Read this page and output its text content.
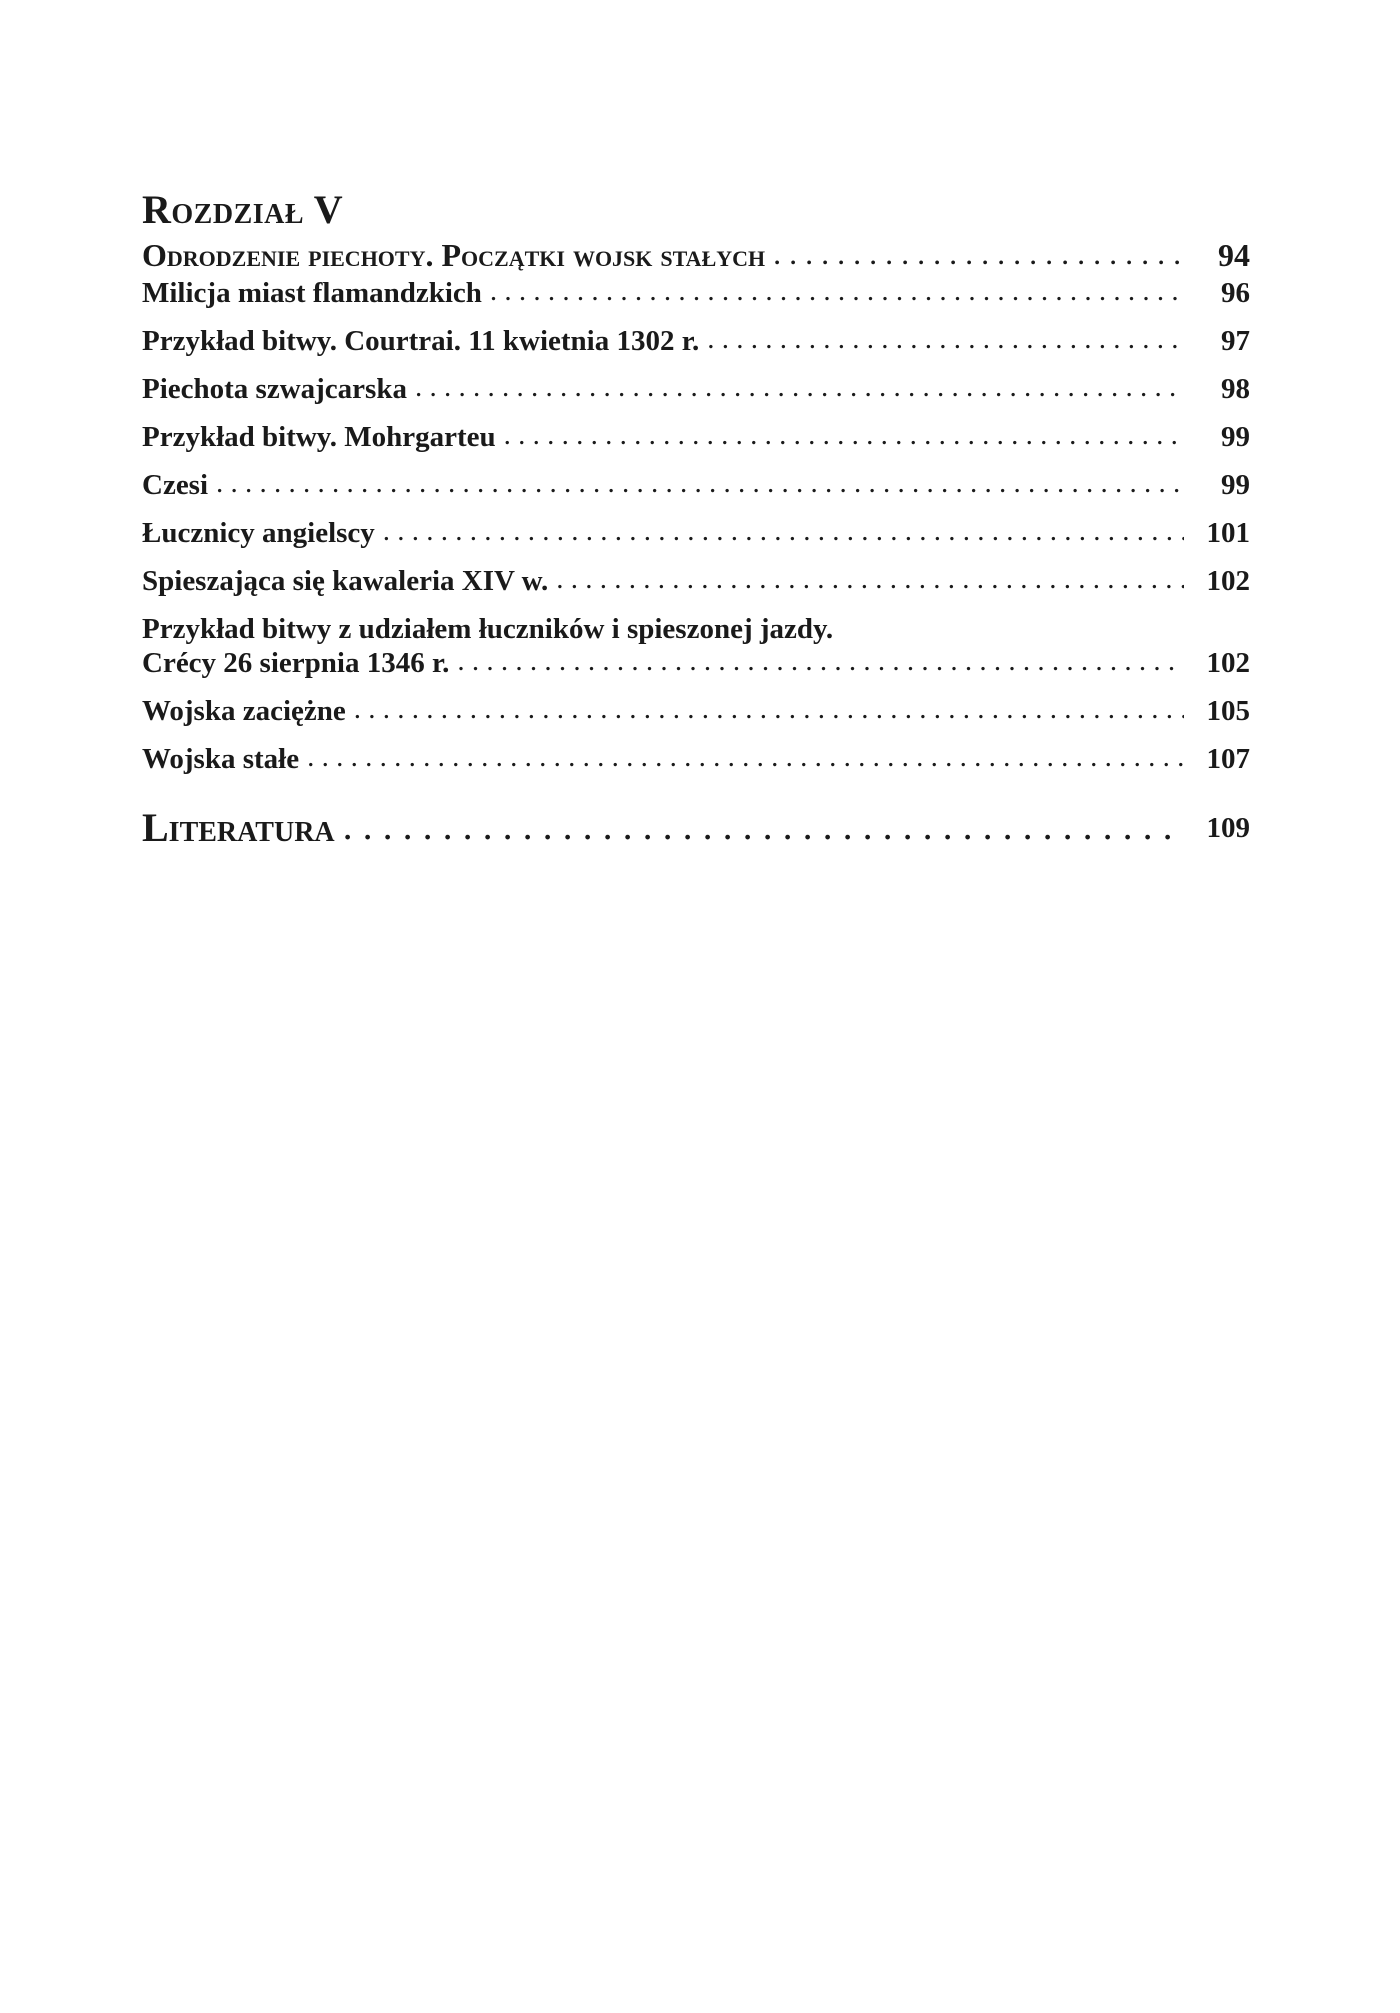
Rozdział V
Odrodzenie piechoty. Początki wojsk stałych . . .	94
Milicja miast flamandzkich . . .	96
Przykład bitwy. Courtrai. 11 kwietnia 1302 r. . . .	97
Piechota szwajcarska . . .	98
Przykład bitwy. Mohrgarteu . . .	99
Czesi . . .	99
Łucznicy angielscy . . .	101
Spieszająca się kawaleria XIV w. . . .	102
Przykład bitwy z udziałem łuczników i spieszonej jazdy.
Crécy 26 sierpnia 1346 r. . . .	102
Wojska zaciężne . . .	105
Wojska stałe . . .	107
Literatura . . .	109
